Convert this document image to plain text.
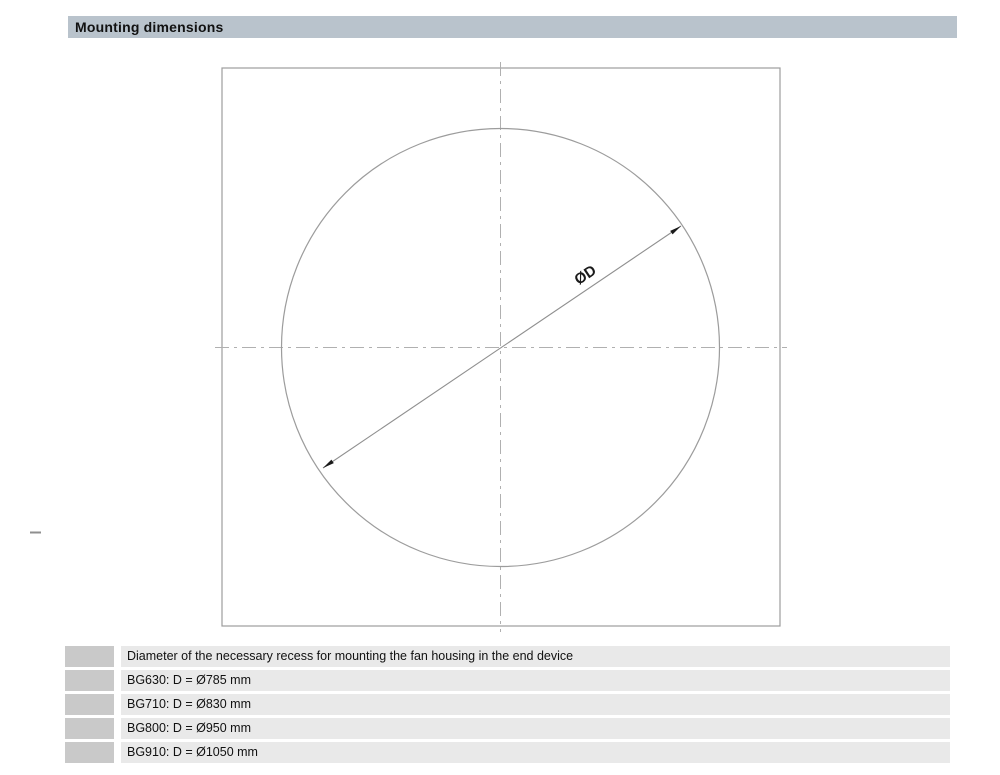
Mounting dimensions
ØD
Diameter of the necessary recess for mounting the fan housing in the end device
BG630: D = Ø785 mm
BG710: D = Ø830 mm
BG800: D = Ø950 mm
BG910: D = Ø1050 mm
